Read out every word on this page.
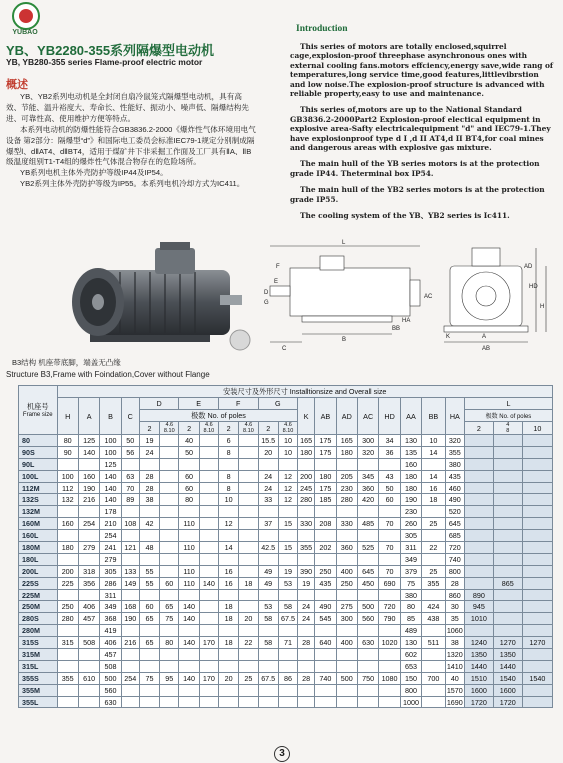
YUBAO
YB、YB2280-355系列隔爆型电动机
YB, YB280-355 series Flame-proof electric motor
概述

YB、YB2系列电动机是全封闭自扇冷鼠笼式隔爆型电动机，具有高效、节能、温升裕度大、寿命长、性能好、振动小、噪声低、隔爆结构先进、可靠性高、使用维护方便等特点。

本系列电动机的防爆性能符合GB3836.2-2000《爆炸性气体环境用电气设备 第2部分：隔爆型“d”》和国际电工委员会标准IEC79-1规定分别制成隔爆型Ⅰ、dⅡAT4、dⅡBT4，适用于煤矿井下非采掘工作面及工厂具有ⅡA、ⅡB级温度组别T1-T4组的爆炸性气体混合物存在的危险场所。

YB系列电机主体外壳防护等级IP44及IP54。

YB2系列主体外壳防护等级为IP55。本系列电机冷却方式为IC411。

Introduction

This series of motors are totally enclosed,squirrel cage,explosion-proof threephase asynchronous ones with external cooling fans.motors effciency,energy save,wide rang of temperatures,long service time,good features,littlevibrstion and low noise.The explosion-proof structure is advanced with reliable property,easy to use and maintenance.

This series of,motors are up to the National Standard GB3836.2-2000Part2 Explosion-proof electical equipment in explosive area-Safty electricalequipment "d" and IEC79-1.They have explosionproof type d I ,d II AT4,d II BT4,for coal mines and dangerous areas with explosive gas mixture.

The main hull of the YB series motors is at the protection grade IP44. Theterminal box IP54.

The main hull of the YB2 series motors is at the protection grade IP55.

The cooling system of the YB、YB2 series is Ic411.

B3结构 机座带底脚，端盖无凸缘
Structure B3,Frame with Foindation,Cover without Flange
L
B
C
E
D
G
F
AC
AB
A
HD
H
AD
K
BB
HA
机座号
Frame size	安装尺寸及外形尺寸 Installtionsize and Overall size																						
	H	A	B	C	D		E		F		G		K	AB	AD	AC	HD	AA	BB	HA	L		
					极数 No. of poles																极数 No. of poles		
					2	4.6
8.10	2	4.6
8.10	2	4.6
8.10	2	4.6
8.10									2	4
8	10
80	80	125	100	50	19		40		6		15.5	10	165	175	165	300	34	130	10	320			
90S	90	140	100	56	24		50		8		20	10	180	175	180	320	36	135	14	355			
90L			125															160		380			
100L	100	160	140	63	28		60		8		24	12	200	180	205	345	43	180	14	435			
112M	112	190	140	70	28		60		8		24	12	245	175	230	360	50	180	16	460			
132S	132	216	140	89	38		80		10		33	12	280	185	280	420	60	190	18	490			
132M			178															230		520			
160M	160	254	210	108	42		110		12		37	15	330	208	330	485	70	260	25	645			
160L			254															305		685			
180M	180	279	241	121	48		110		14		42.5	15	355	202	360	525	70	311	22	720			
180L			279															349		740			
200L	200	318	305	133	55		110		16		49	19	390	250	400	645	70	379	25	800			
225S	225	356	286	149	55	60	110	140	16	18	49	53	19	435	250	450	690	75	355	28		865	
225M			311															380		860	890		
250M	250	406	349	168	60	65	140		18		53	58	24	490	275	500	720	80	424	30	945		
280S	280	457	368	190	65	75	140		18	20	58	67.5	24	545	300	560	790	85	438	35	1010		
280M			419															489		1060			
315S	315	508	406	216	65	80	140	170	18	22	58	71	28	640	400	630	1020	130	511	38	1240	1270	1270
315M			457															602		1320	1350	1350	
315L			508															653		1410	1440	1440	
355S	355	610	500	254	75	95	140	170	20	25	67.5	86	28	740	500	750	1080	150	700	40	1510	1540	1540
355M			560															800		1570	1600	1600	
355L			630															1000		1690	1720	1720	
3
